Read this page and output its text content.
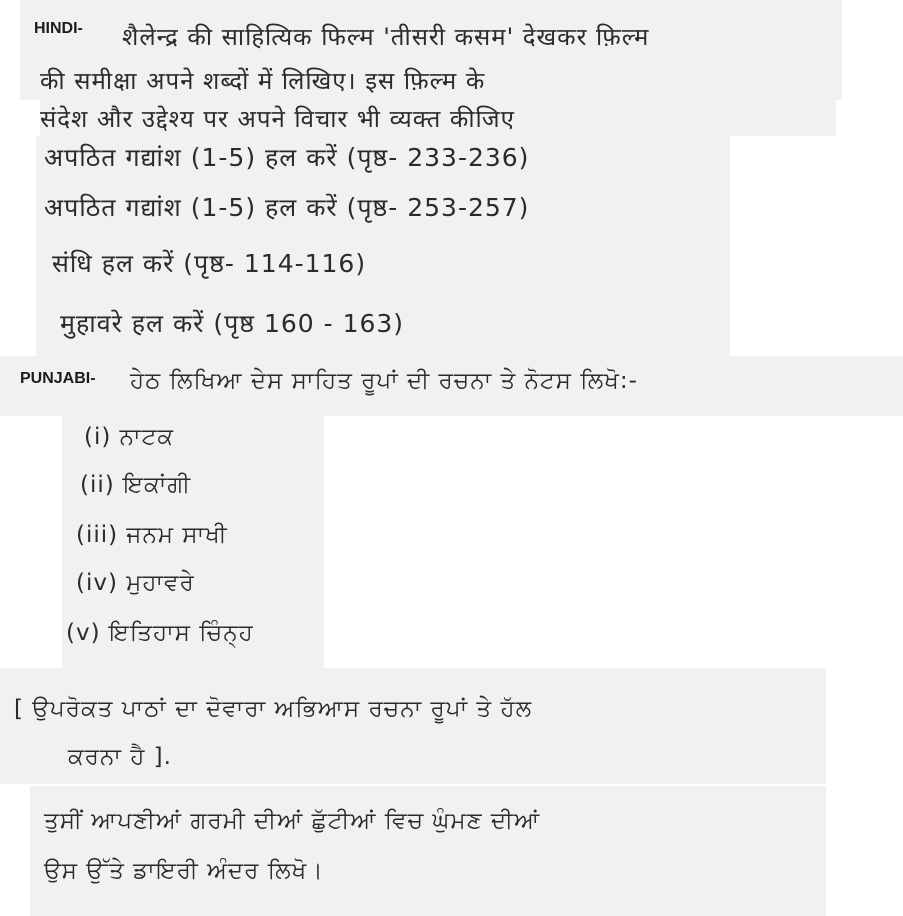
HINDI- शैलेन्द्र की साहित्यिक फिल्म 'तीसरी कसम' देखकर फ़िल्म
की समीक्षा अपने शब्दों में लिखिए। इस फ़िल्म के
संदेश और उद्देश्य पर अपने विचार भी व्यक्त कीजिए
अपठित गद्यांश (1-5) हल करें (पृष्ठ- 233-236)
अपठित गद्यांश (1-5) हल करें (पृष्ठ- 253-257)
संधि हल करें (पृष्ठ- 114-116)
मुहावरे हल करें (पृष्ठ 160 - 163)
PUNJABI- ਹੇਠ ਲਿਖਿਆ ਦੇਸ ਸਾਹਿਤ ਰੂਪਾਂ ਦੀ ਰਚਨਾ ਤੇ ਨੋਟਸ ਲਿਖੋ:-
(i) ਨਾਟਕ
(ii) ਇਕਾਂਗੀ
(iii) ਜਨਮ ਸਾਖੀ
(iv) ਮੁਹਾਵਰੇ
(v) ਇਤਿਹਾਸ ਚਿੰਨ੍ਹ
[ ਉਪਰੋਕਤ ਪਾਠਾਂ ਦਾ ਦੋਵਾਰਾ ਅਭਿਆਸ ਰਚਨਾ ਰੂਪਾਂ ਤੇ ਹੱਲ
ਕਰਨਾ ਹੈ ].
ਤੁਸੀਂ ਆਪਣੀਆਂ ਗਰਮੀ ਦੀਆਂ ਛੁੱਟੀਆਂ ਵਿਚ ਘੁੰਮਣ ਦੀਆਂ
ਉਸ ਉੱਤੇ ਡਾਇਰੀ ਅੰਦਰ ਲਿਖੋ।
